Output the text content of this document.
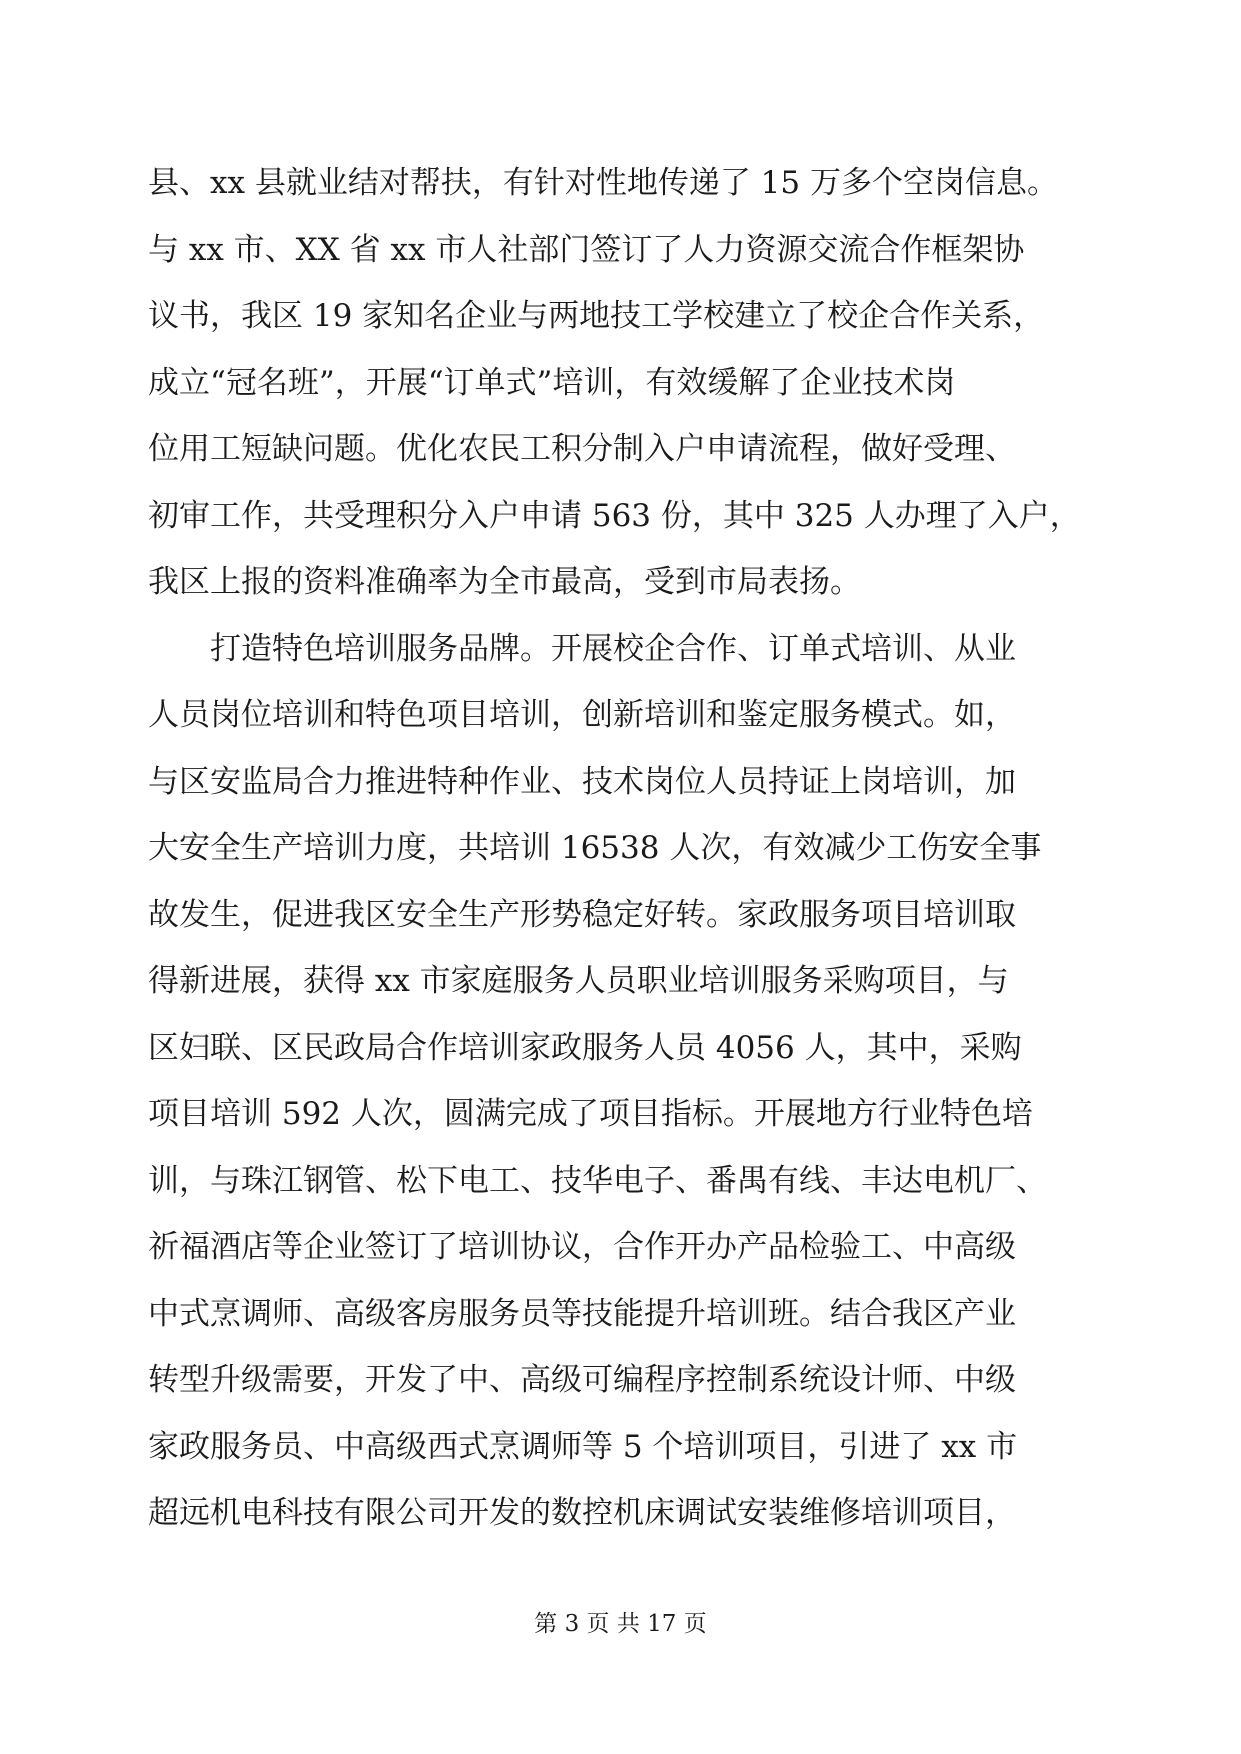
县、xx 县就业结对帮扶，有针对性地传递了 15 万多个空岗信息。
与 xx 市、XX 省 xx 市人社部门签订了人力资源交流合作框架协
议书，我区 19 家知名企业与两地技工学校建立了校企合作关系，
成立“冠名班”，开展“订单式”培训，有效缓解了企业技术岗
位用工短缺问题。优化农民工积分制入户申请流程，做好受理、
初审工作，共受理积分入户申请 563 份，其中 325 人办理了入户，
我区上报的资料准确率为全市最高，受到市局表扬。
　　打造特色培训服务品牌。开展校企合作、订单式培训、从业
人员岗位培训和特色项目培训，创新培训和鉴定服务模式。如，
与区安监局合力推进特种作业、技术岗位人员持证上岗培训，加
大安全生产培训力度，共培训 16538 人次，有效减少工伤安全事
故发生，促进我区安全生产形势稳定好转。家政服务项目培训取
得新进展，获得 xx 市家庭服务人员职业培训服务采购项目，与
区妇联、区民政局合作培训家政服务人员 4056 人，其中，采购
项目培训 592 人次，圆满完成了项目指标。开展地方行业特色培
训，与珠江钢管、松下电工、技华电子、番禺有线、丰达电机厂、
祈福酒店等企业签订了培训协议，合作开办产品检验工、中高级
中式烹调师、高级客房服务员等技能提升培训班。结合我区产业
转型升级需要，开发了中、高级可编程序控制系统设计师、中级
家政服务员、中高级西式烹调师等 5 个培训项目，引进了 xx 市
超远机电科技有限公司开发的数控机床调试安装维修培训项目，
第 3 页 共 17 页
